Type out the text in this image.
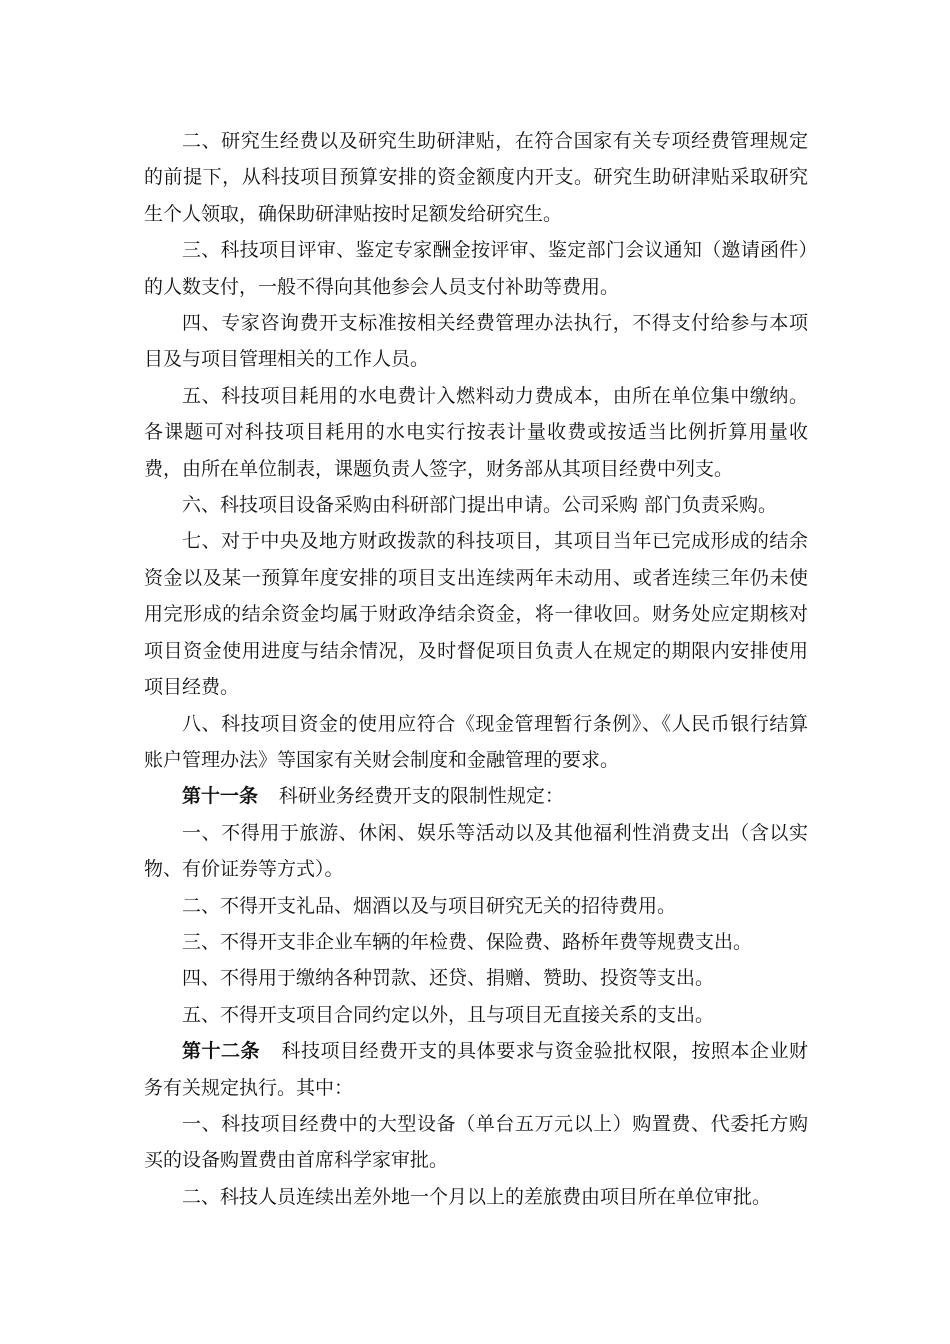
二、研究生经费以及研究生助研津贴，在符合国家有关专项经费管理规定的前提下，从科技项目预算安排的资金额度内开支。研究生助研津贴采取研究生个人领取，确保助研津贴按时足额发给研究生。

三、科技项目评审、鉴定专家酬金按评审、鉴定部门会议通知（邀请函件）的人数支付，一般不得向其他参会人员支付补助等费用。

四、专家咨询费开支标准按相关经费管理办法执行，不得支付给参与本项目及与项目管理相关的工作人员。

五、科技项目耗用的水电费计入燃料动力费成本，由所在单位集中缴纳。各课题可对科技项目耗用的水电实行按表计量收费或按适当比例折算用量收费，由所在单位制表，课题负责人签字，财务部从其项目经费中列支。

六、科技项目设备采购由科研部门提出申请。公司采购 部门负责采购。

七、对于中央及地方财政拨款的科技项目，其项目当年已完成形成的结余资金以及某一预算年度安排的项目支出连续两年未动用、或者连续三年仍未使用完形成的结余资金均属于财政净结余资金，将一律收回。财务处应定期核对项目资金使用进度与结余情况，及时督促项目负责人在规定的期限内安排使用项目经费。

八、科技项目资金的使用应符合《现金管理暂行条例》、《人民币银行结算账户管理办法》等国家有关财会制度和金融管理的要求。

第十一条 科研业务经费开支的限制性规定：

一、不得用于旅游、休闲、娱乐等活动以及其他福利性消费支出（含以实物、有价证券等方式）。

二、不得开支礼品、烟酒以及与项目研究无关的招待费用。

三、不得开支非企业车辆的年检费、保险费、路桥年费等规费支出。

四、不得用于缴纳各种罚款、还贷、捐赠、赞助、投资等支出。

五、不得开支项目合同约定以外，且与项目无直接关系的支出。

第十二条 科技项目经费开支的具体要求与资金验批权限，按照本企业财务有关规定执行。其中：

一、科技项目经费中的大型设备（单台五万元以上）购置费、代委托方购买的设备购置费由首席科学家审批。

二、科技人员连续出差外地一个月以上的差旅费由项目所在单位审批。
